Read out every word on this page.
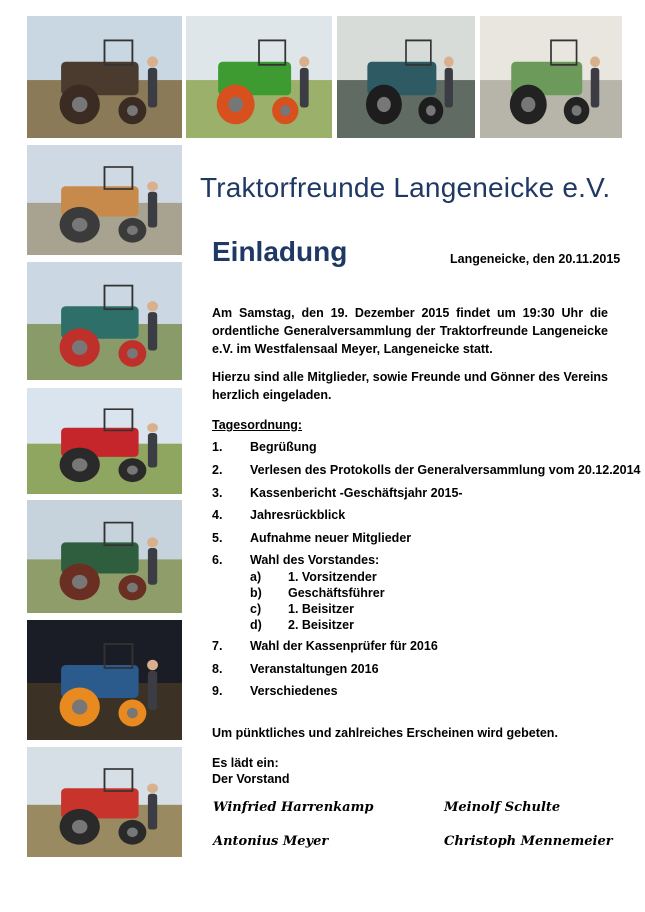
Traktorfreunde Langeneicke e.V.
Einladung	Langeneicke, den 20.11.2015
Am Samstag, den 19. Dezember 2015 findet um 19:30 Uhr die ordentliche Generalversammlung der Traktorfreunde Langeneicke e.V. im Westfalensaal Meyer, Langeneicke statt.
Hierzu sind alle Mitglieder, sowie Freunde und Gönner des Vereins herzlich eingeladen.
Tagesordnung:
1. Begrüßung
2. Verlesen des Protokolls der Generalversammlung vom 20.12.2014
3. Kassenbericht -Geschäftsjahr 2015-
4. Jahresrückblick
5. Aufnahme neuer Mitglieder
6. Wahl des Vorstandes:
a) 1. Vorsitzender
b) Geschäftsführer
c) 1. Beisitzer
d) 2. Beisitzer
7. Wahl der Kassenprüfer für 2016
8. Veranstaltungen 2016
9. Verschiedenes
Um pünktliches und zahlreiches Erscheinen wird gebeten.
Es lädt ein:
Der Vorstand
Winfried Harrenkamp	Meinolf Schulte
Antonius Meyer	Christoph Mennemeier
